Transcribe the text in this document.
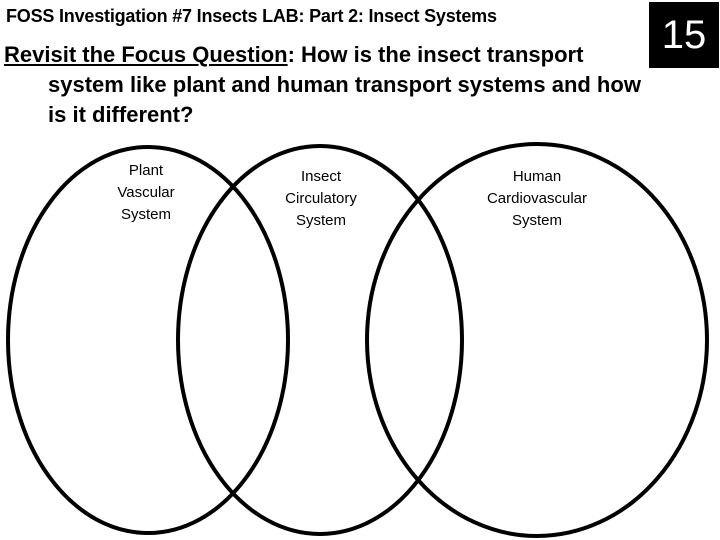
FOSS Investigation #7 Insects LAB: Part 2: Insect Systems	15
Revisit the Focus Question: How is the insect transport
system like plant and human transport systems and how
is it different?
Plant
Vascular
System
Insect
Circulatory
System
Human
Cardiovascular
System
